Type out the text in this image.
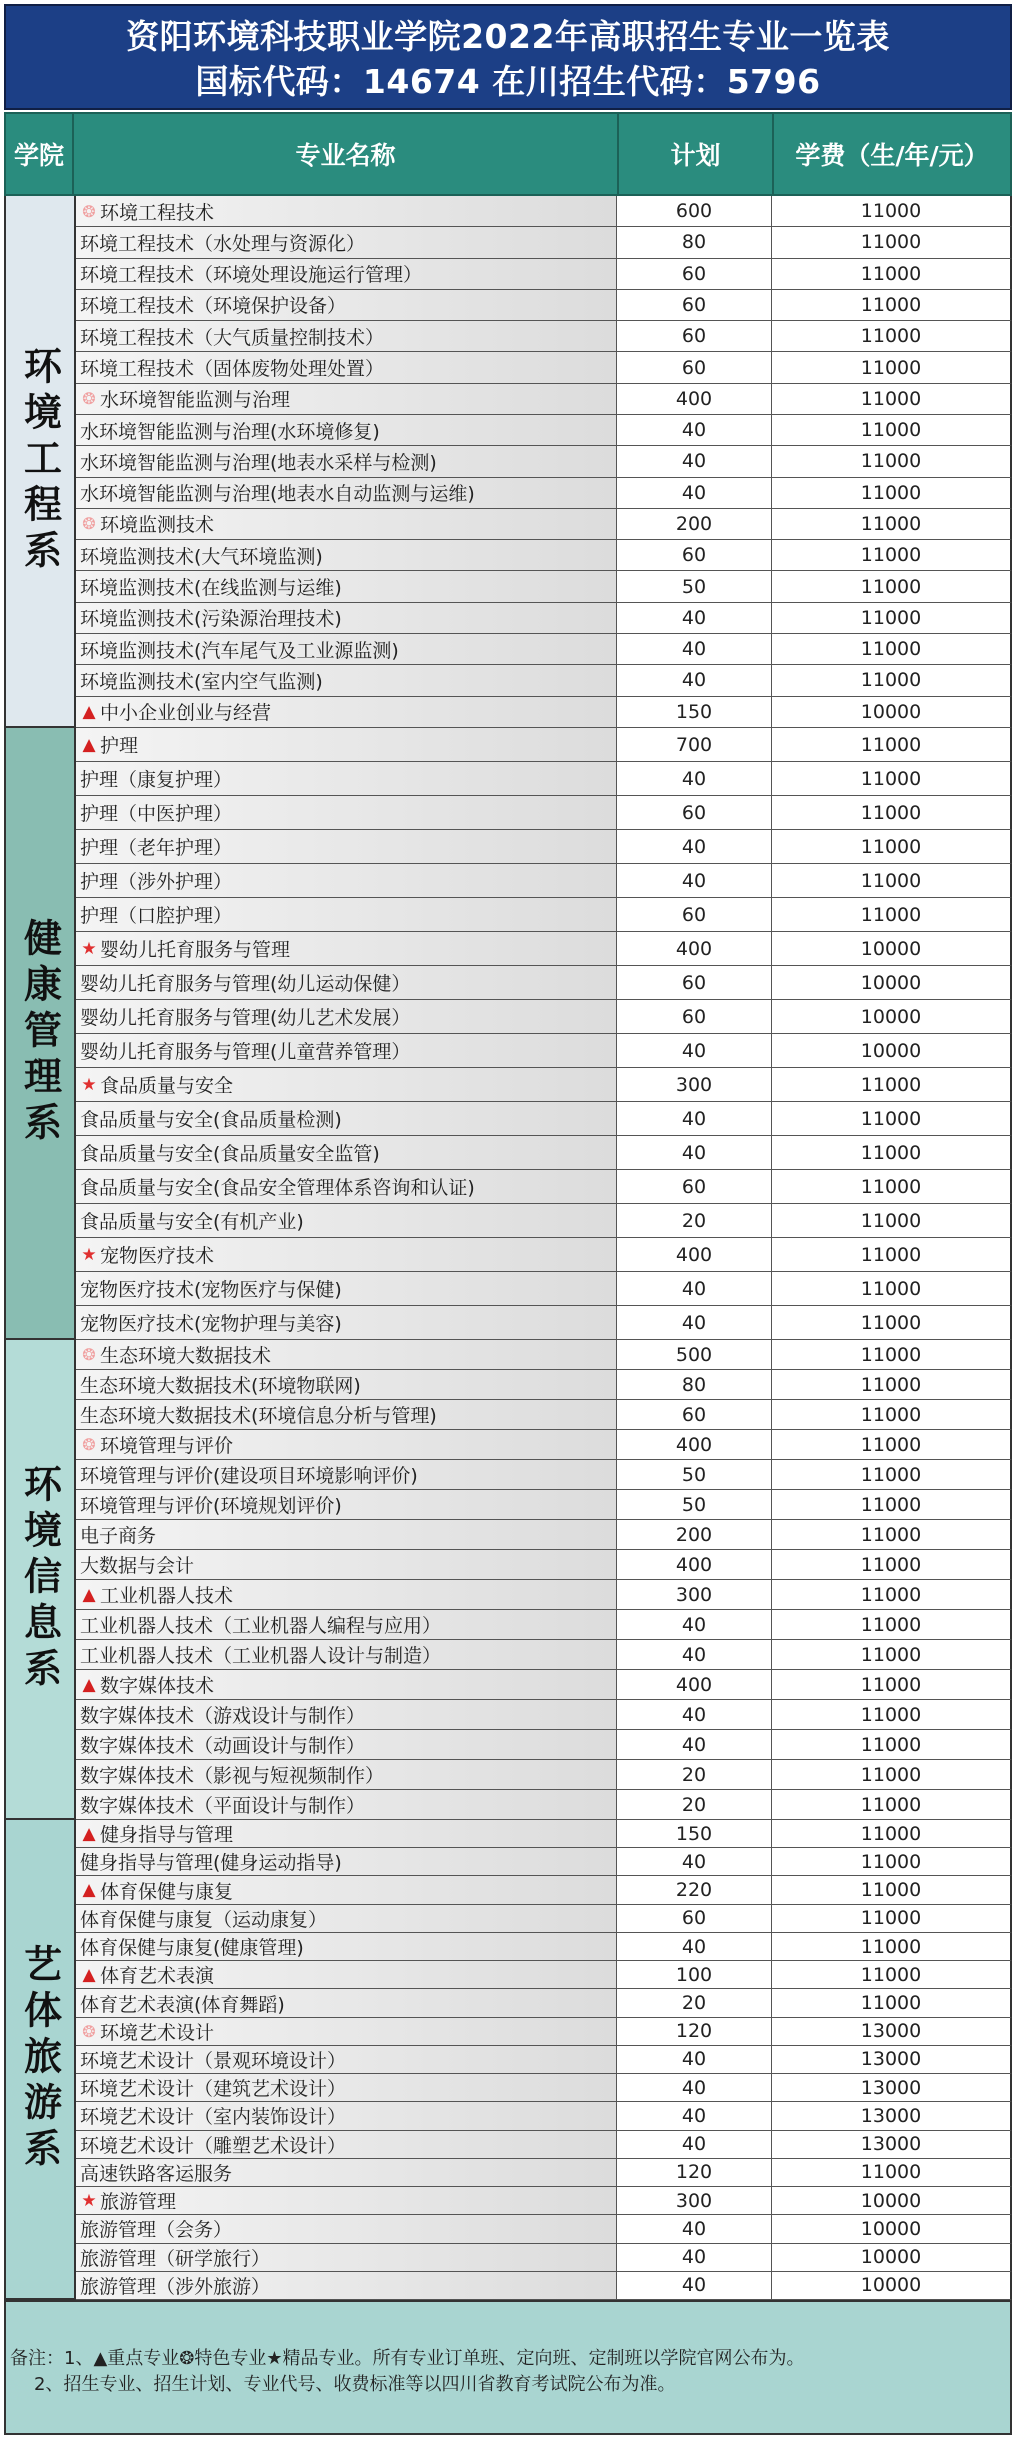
资阳环境科技职业学院2022年高职招生专业一览表
国标代码：14674 在川招生代码：5796
学院	专业名称	计划	学费（生/年/元）
环境工程系
❂ 环境工程技术	600	11000
环境工程技术（水处理与资源化）	80	11000
环境工程技术（环境处理设施运行管理）	60	11000
环境工程技术（环境保护设备）	60	11000
环境工程技术（大气质量控制技术）	60	11000
环境工程技术（固体废物处理处置）	60	11000
❂ 水环境智能监测与治理	400	11000
水环境智能监测与治理(水环境修复)	40	11000
水环境智能监测与治理(地表水采样与检测)	40	11000
水环境智能监测与治理(地表水自动监测与运维)	40	11000
❂ 环境监测技术	200	11000
环境监测技术(大气环境监测)	60	11000
环境监测技术(在线监测与运维)	50	11000
环境监测技术(污染源治理技术)	40	11000
环境监测技术(汽车尾气及工业源监测)	40	11000
环境监测技术(室内空气监测)	40	11000
▲ 中小企业创业与经营	150	10000
健康管理系
▲ 护理	700	11000
护理（康复护理）	40	11000
护理（中医护理）	60	11000
护理（老年护理）	40	11000
护理（涉外护理）	40	11000
护理（口腔护理）	60	11000
★ 婴幼儿托育服务与管理	400	10000
婴幼儿托育服务与管理(幼儿运动保健）	60	10000
婴幼儿托育服务与管理(幼儿艺术发展）	60	10000
婴幼儿托育服务与管理(儿童营养管理）	40	10000
★ 食品质量与安全	300	11000
食品质量与安全(食品质量检测)	40	11000
食品质量与安全(食品质量安全监管)	40	11000
食品质量与安全(食品安全管理体系咨询和认证)	60	11000
食品质量与安全(有机产业)	20	11000
★ 宠物医疗技术	400	11000
宠物医疗技术(宠物医疗与保健)	40	11000
宠物医疗技术(宠物护理与美容)	40	11000
环境信息系
❂ 生态环境大数据技术	500	11000
生态环境大数据技术(环境物联网)	80	11000
生态环境大数据技术(环境信息分析与管理)	60	11000
❂ 环境管理与评价	400	11000
环境管理与评价(建设项目环境影响评价)	50	11000
环境管理与评价(环境规划评价)	50	11000
电子商务	200	11000
大数据与会计	400	11000
▲ 工业机器人技术	300	11000
工业机器人技术（工业机器人编程与应用）	40	11000
工业机器人技术（工业机器人设计与制造）	40	11000
▲ 数字媒体技术	400	11000
数字媒体技术（游戏设计与制作）	40	11000
数字媒体技术（动画设计与制作）	40	11000
数字媒体技术（影视与短视频制作）	20	11000
数字媒体技术（平面设计与制作）	20	11000
艺体旅游系
▲ 健身指导与管理	150	11000
健身指导与管理(健身运动指导)	40	11000
▲ 体育保健与康复	220	11000
体育保健与康复（运动康复）	60	11000
体育保健与康复(健康管理)	40	11000
▲ 体育艺术表演	100	11000
体育艺术表演(体育舞蹈)	20	11000
❂ 环境艺术设计	120	13000
环境艺术设计（景观环境设计）	40	13000
环境艺术设计（建筑艺术设计）	40	13000
环境艺术设计（室内装饰设计）	40	13000
环境艺术设计（雕塑艺术设计）	40	13000
高速铁路客运服务	120	11000
★ 旅游管理	300	10000
旅游管理（会务）	40	10000
旅游管理（研学旅行）	40	10000
旅游管理（涉外旅游）	40	10000
备注：1、▲重点专业❂特色专业★精品专业。所有专业订单班、定向班、定制班以学院官网公布为。
2、招生专业、招生计划、专业代号、收费标准等以四川省教育考试院公布为准。
